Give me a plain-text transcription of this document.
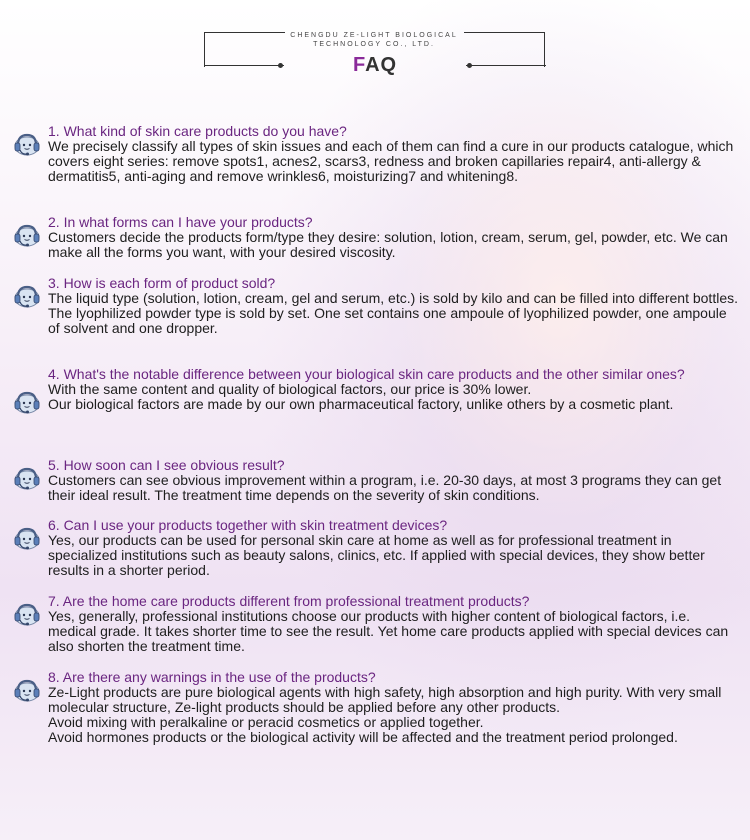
CHENGDU ZE-LIGHT BIOLOGICAL
TECHNOLOGY CO., LTD.
FAQ
1. What kind of skin care products do you have?
We precisely classify all types of skin issues and each of them can find a cure in our products catalogue, which covers eight series: remove spots1, acnes2, scars3, redness and broken capillaries repair4, anti-allergy & dermatitis5, anti-aging and remove wrinkles6, moisturizing7 and whitening8.
2. In what forms can I have your products?
Customers decide the products form/type they desire: solution, lotion, cream, serum, gel, powder, etc. We can make all the forms you want, with your desired viscosity.
3. How is each form of product sold?
The liquid type (solution, lotion, cream, gel and serum, etc.) is sold by kilo and can be filled into different bottles.
The lyophilized powder type is sold by set. One set contains one ampoule of lyophilized powder, one ampoule of solvent and one dropper.
4. What's the notable difference between your biological skin care products and the other similar ones?
With the same content and quality of biological factors, our price is 30% lower.
Our biological factors are made by our own pharmaceutical factory, unlike others by a cosmetic plant.
5. How soon can I see obvious result?
Customers can see obvious improvement within a program, i.e. 20-30 days, at most 3 programs they can get their ideal result. The treatment time depends on the severity of skin conditions.
6. Can I use your products together with skin treatment devices?
Yes, our products can be used for personal skin care at home as well as for professional treatment in specialized institutions such as beauty salons, clinics, etc. If applied with special devices, they show better results in a shorter period.
7. Are the home care products different from professional treatment products?
Yes, generally, professional institutions choose our products with higher content of biological factors, i.e. medical grade. It takes shorter time to see the result. Yet home care products applied with special devices can also shorten the treatment time.
8. Are there any warnings in the use of the products?
Ze-Light products are pure biological agents with high safety, high absorption and high purity. With very small molecular structure, Ze-light products should be applied before any other products.
Avoid mixing with peralkaline or peracid cosmetics or applied together.
Avoid hormones products or the biological activity will be affected and the treatment period prolonged.
